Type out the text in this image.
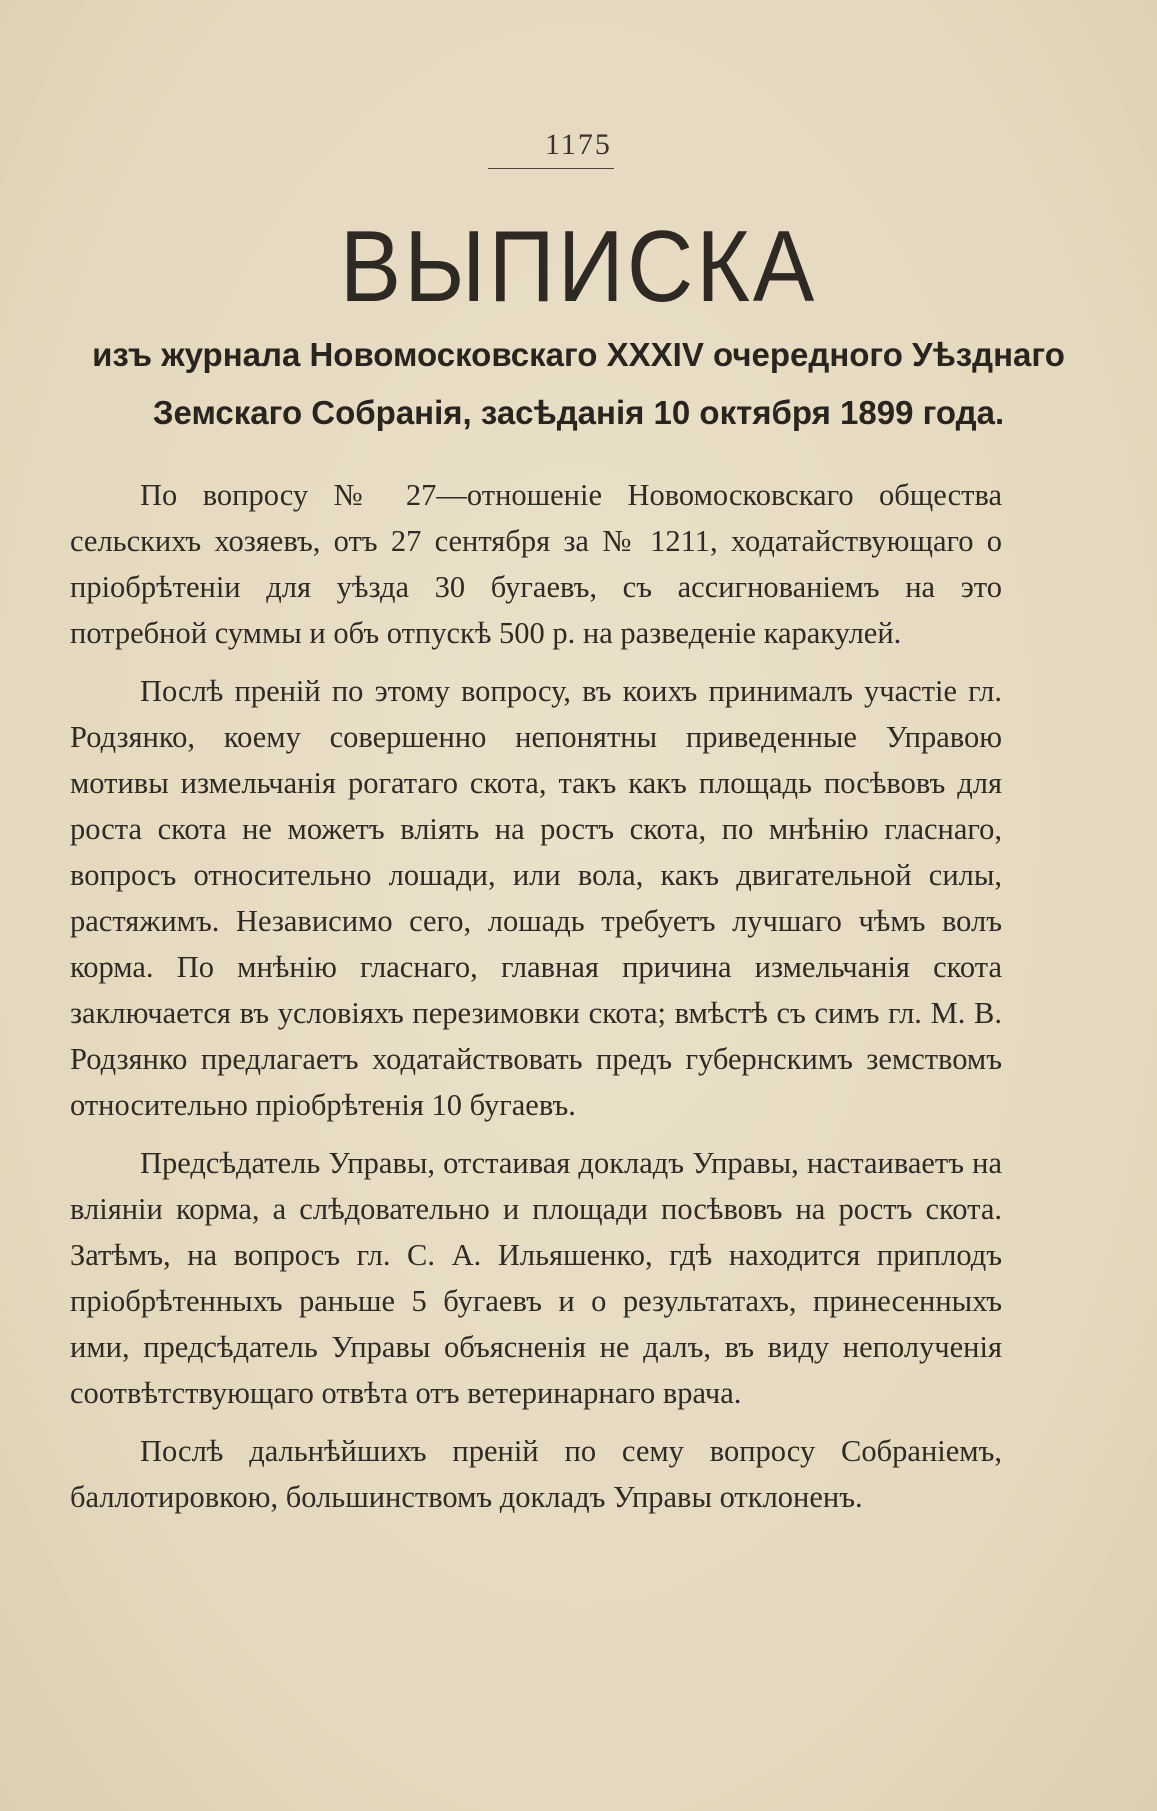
1175
ВЫПИСКА
изъ журнала Новомосковскаго XXXIV очередного Уѣзднаго Земскаго Собранія, засѣданія 10 октября 1899 года.

По вопросу № 27—отношеніе Новомосковскаго общества сельскихъ хозяевъ, отъ 27 сентября за № 1211, ходатайствующаго о пріобрѣтеніи для уѣзда 30 бугаевъ, съ ассигнованіемъ на это потребной суммы и объ отпускѣ 500 р. на разведеніе каракулей.

Послѣ преній по этому вопросу, въ коихъ принималъ участіе гл. Родзянко, коему совершенно непонятны приведенные Управою мотивы измельчанія рогатаго скота, такъ какъ площадь посѣвовъ для роста скота не можетъ вліять на ростъ скота, по мнѣнію гласнаго, вопросъ относительно лошади, или вола, какъ двигательной силы, растяжимъ. Независимо сего, лошадь требуетъ лучшаго чѣмъ волъ корма. По мнѣнію гласнаго, главная причина измельчанія скота заключается въ условіяхъ перезимовки скота; вмѣстѣ съ симъ гл. М. В. Родзянко предлагаетъ ходатайствовать предъ губернскимъ земствомъ относительно пріобрѣтенія 10 бугаевъ.

Предсѣдатель Управы, отстаивая докладъ Управы, настаиваетъ на вліяніи корма, а слѣдовательно и площади посѣвовъ на ростъ скота. Затѣмъ, на вопросъ гл. С. А. Ильяшенко, гдѣ находится приплодъ пріобрѣтенныхъ раньше 5 бугаевъ и о результатахъ, принесенныхъ ими, предсѣдатель Управы объясненія не далъ, въ виду неполученія соотвѣтствующаго отвѣта отъ ветеринарнаго врача.

Послѣ дальнѣйшихъ преній по сему вопросу Собраніемъ, баллотировкою, большинствомъ докладъ Управы отклоненъ.
